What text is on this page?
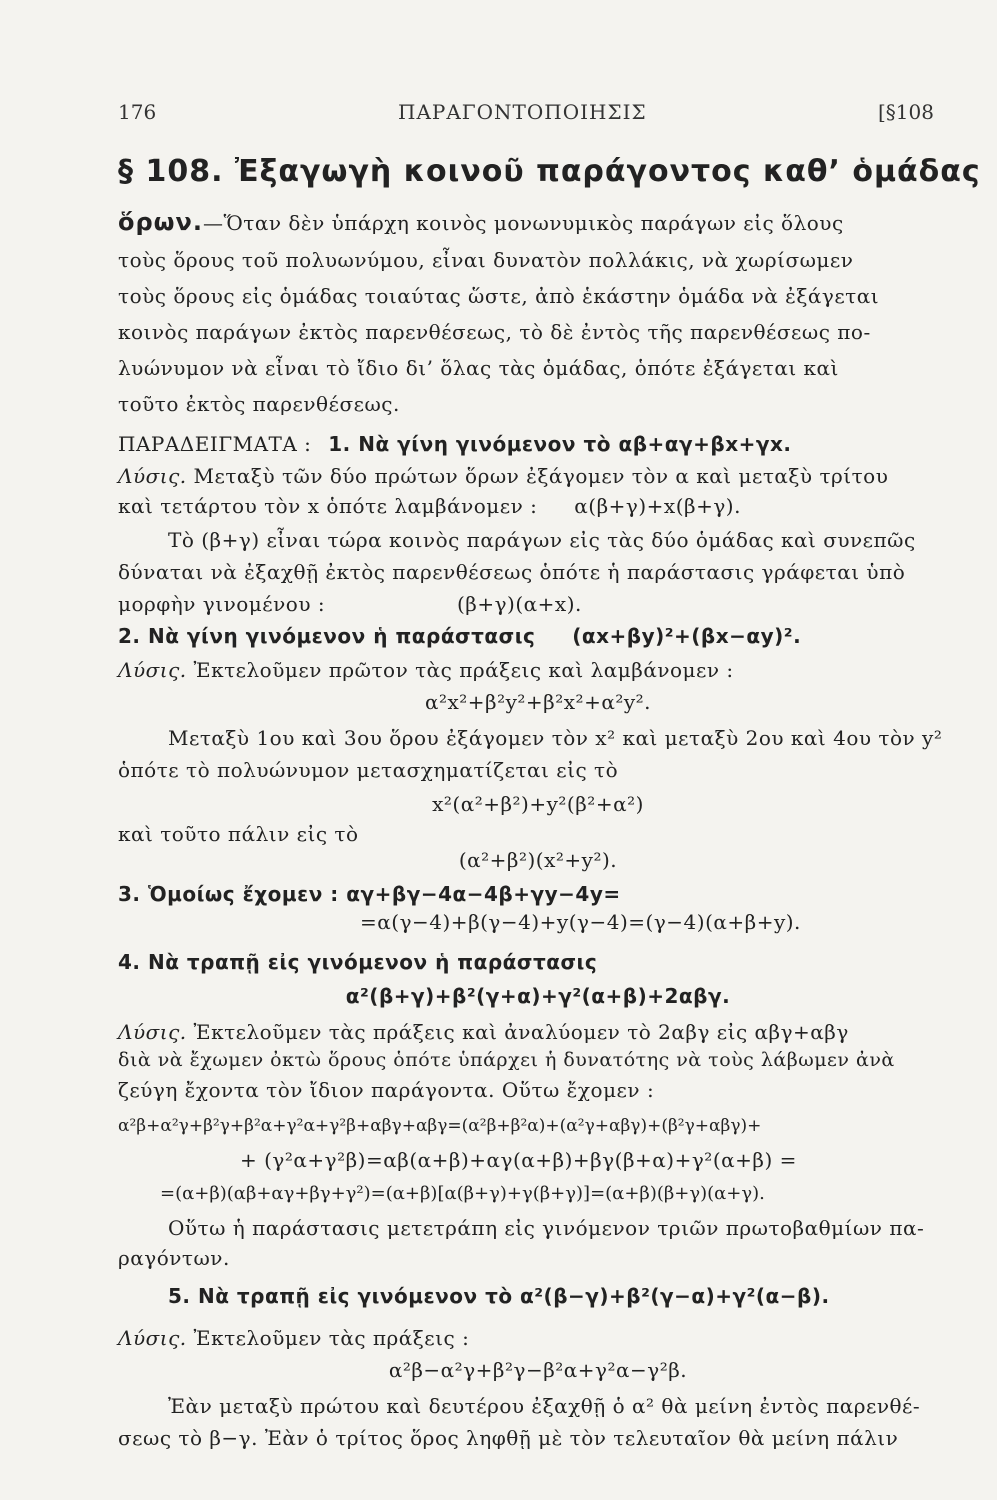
176	ΠΑΡΑΓΟΝΤΟΠΟΙΗΣΙΣ	[§108
§ 108. Ἐξαγωγὴ κοινοῦ παράγοντος καθ’ ὁμάδας
ὅρων.—Ὅταν δὲν ὑπάρχη κοινὸς μονωνυμικὸς παράγων εἰς ὅλους
τοὺς ὅρους τοῦ πολυωνύμου, εἶναι δυνατὸν πολλάκις, νὰ χωρίσωμεν
τοὺς ὅρους εἰς ὁμάδας τοιαύτας ὥστε, ἀπὸ ἑκάστην ὁμάδα νὰ ἐξάγεται
κοινὸς παράγων ἐκτὸς παρενθέσεως, τὸ δὲ ἐντὸς τῆς παρενθέσεως πο-
λυώνυμον νὰ εἶναι τὸ ἴδιο δι’ ὅλας τὰς ὁμάδας, ὁπότε ἐξάγεται καὶ
τοῦτο ἐκτὸς παρενθέσεως.
ΠΑΡΑΔΕΙΓΜΑΤΑ : 1. Νὰ γίνη γινόμενον τὸ αβ+αγ+βx+γx.
Λύσις. Μεταξὺ τῶν δύο πρώτων ὅρων ἐξάγομεν τὸν α καὶ μεταξὺ τρίτου
καὶ τετάρτου τὸν x ὁπότε λαμβάνομεν : α(β+γ)+x(β+γ).
Τὸ (β+γ) εἶναι τώρα κοινὸς παράγων εἰς τὰς δύο ὁμάδας καὶ συνεπῶς
δύναται νὰ ἐξαχθῇ ἐκτὸς παρενθέσεως ὁπότε ἡ παράστασις γράφεται ὑπὸ
μορφὴν γινομένου :	(β+γ)(α+x).
2. Νὰ γίνη γινόμενον ἡ παράστασις (αx+βy)²+(βx−αy)².
Λύσις. Ἐκτελοῦμεν πρῶτον τὰς πράξεις καὶ λαμβάνομεν :
α²x²+β²y²+β²x²+α²y².
Μεταξὺ 1ου καὶ 3ου ὅρου ἐξάγομεν τὸν x² καὶ μεταξὺ 2ου καὶ 4ου τὸν y²
ὁπότε τὸ πολυώνυμον μετασχηματίζεται εἰς τὸ
x²(α²+β²)+y²(β²+α²)
καὶ τοῦτο πάλιν εἰς τὸ
(α²+β²)(x²+y²).
3. Ὁμοίως ἔχομεν : αγ+βγ−4α−4β+γy−4y=
=α(γ−4)+β(γ−4)+y(γ−4)=(γ−4)(α+β+y).
4. Νὰ τραπῇ εἰς γινόμενον ἡ παράστασις
α²(β+γ)+β²(γ+α)+γ²(α+β)+2αβγ.
Λύσις. Ἐκτελοῦμεν τὰς πράξεις καὶ ἀναλύομεν τὸ 2αβγ εἰς αβγ+αβγ
διὰ νὰ ἔχωμεν ὀκτὼ ὅρους ὁπότε ὑπάρχει ἡ δυνατότης νὰ τοὺς λάβωμεν ἀνὰ
ζεύγη ἔχοντα τὸν ἴδιον παράγοντα. Οὕτω ἔχομεν :
α²β+α²γ+β²γ+β²α+γ²α+γ²β+αβγ+αβγ=(α²β+β²α)+(α²γ+αβγ)+(β²γ+αβγ)+
+ (γ²α+γ²β)=αβ(α+β)+αγ(α+β)+βγ(β+α)+γ²(α+β) =
=(α+β)(αβ+αγ+βγ+γ²)=(α+β)[α(β+γ)+γ(β+γ)]=(α+β)(β+γ)(α+γ).
Οὕτω ἡ παράστασις μετετράπη εἰς γινόμενον τριῶν πρωτοβαθμίων πα-
ραγόντων.
5. Νὰ τραπῇ εἰς γινόμενον τὸ α²(β−γ)+β²(γ−α)+γ²(α−β).
Λύσις. Ἐκτελοῦμεν τὰς πράξεις :
α²β−α²γ+β²γ−β²α+γ²α−γ²β.
Ἐὰν μεταξὺ πρώτου καὶ δευτέρου ἐξαχθῇ ὁ α² θὰ μείνη ἐντὸς παρενθέ-
σεως τὸ β−γ. Ἐὰν ὁ τρίτος ὅρος ληφθῇ μὲ τὸν τελευταῖον θὰ μείνη πάλιν
